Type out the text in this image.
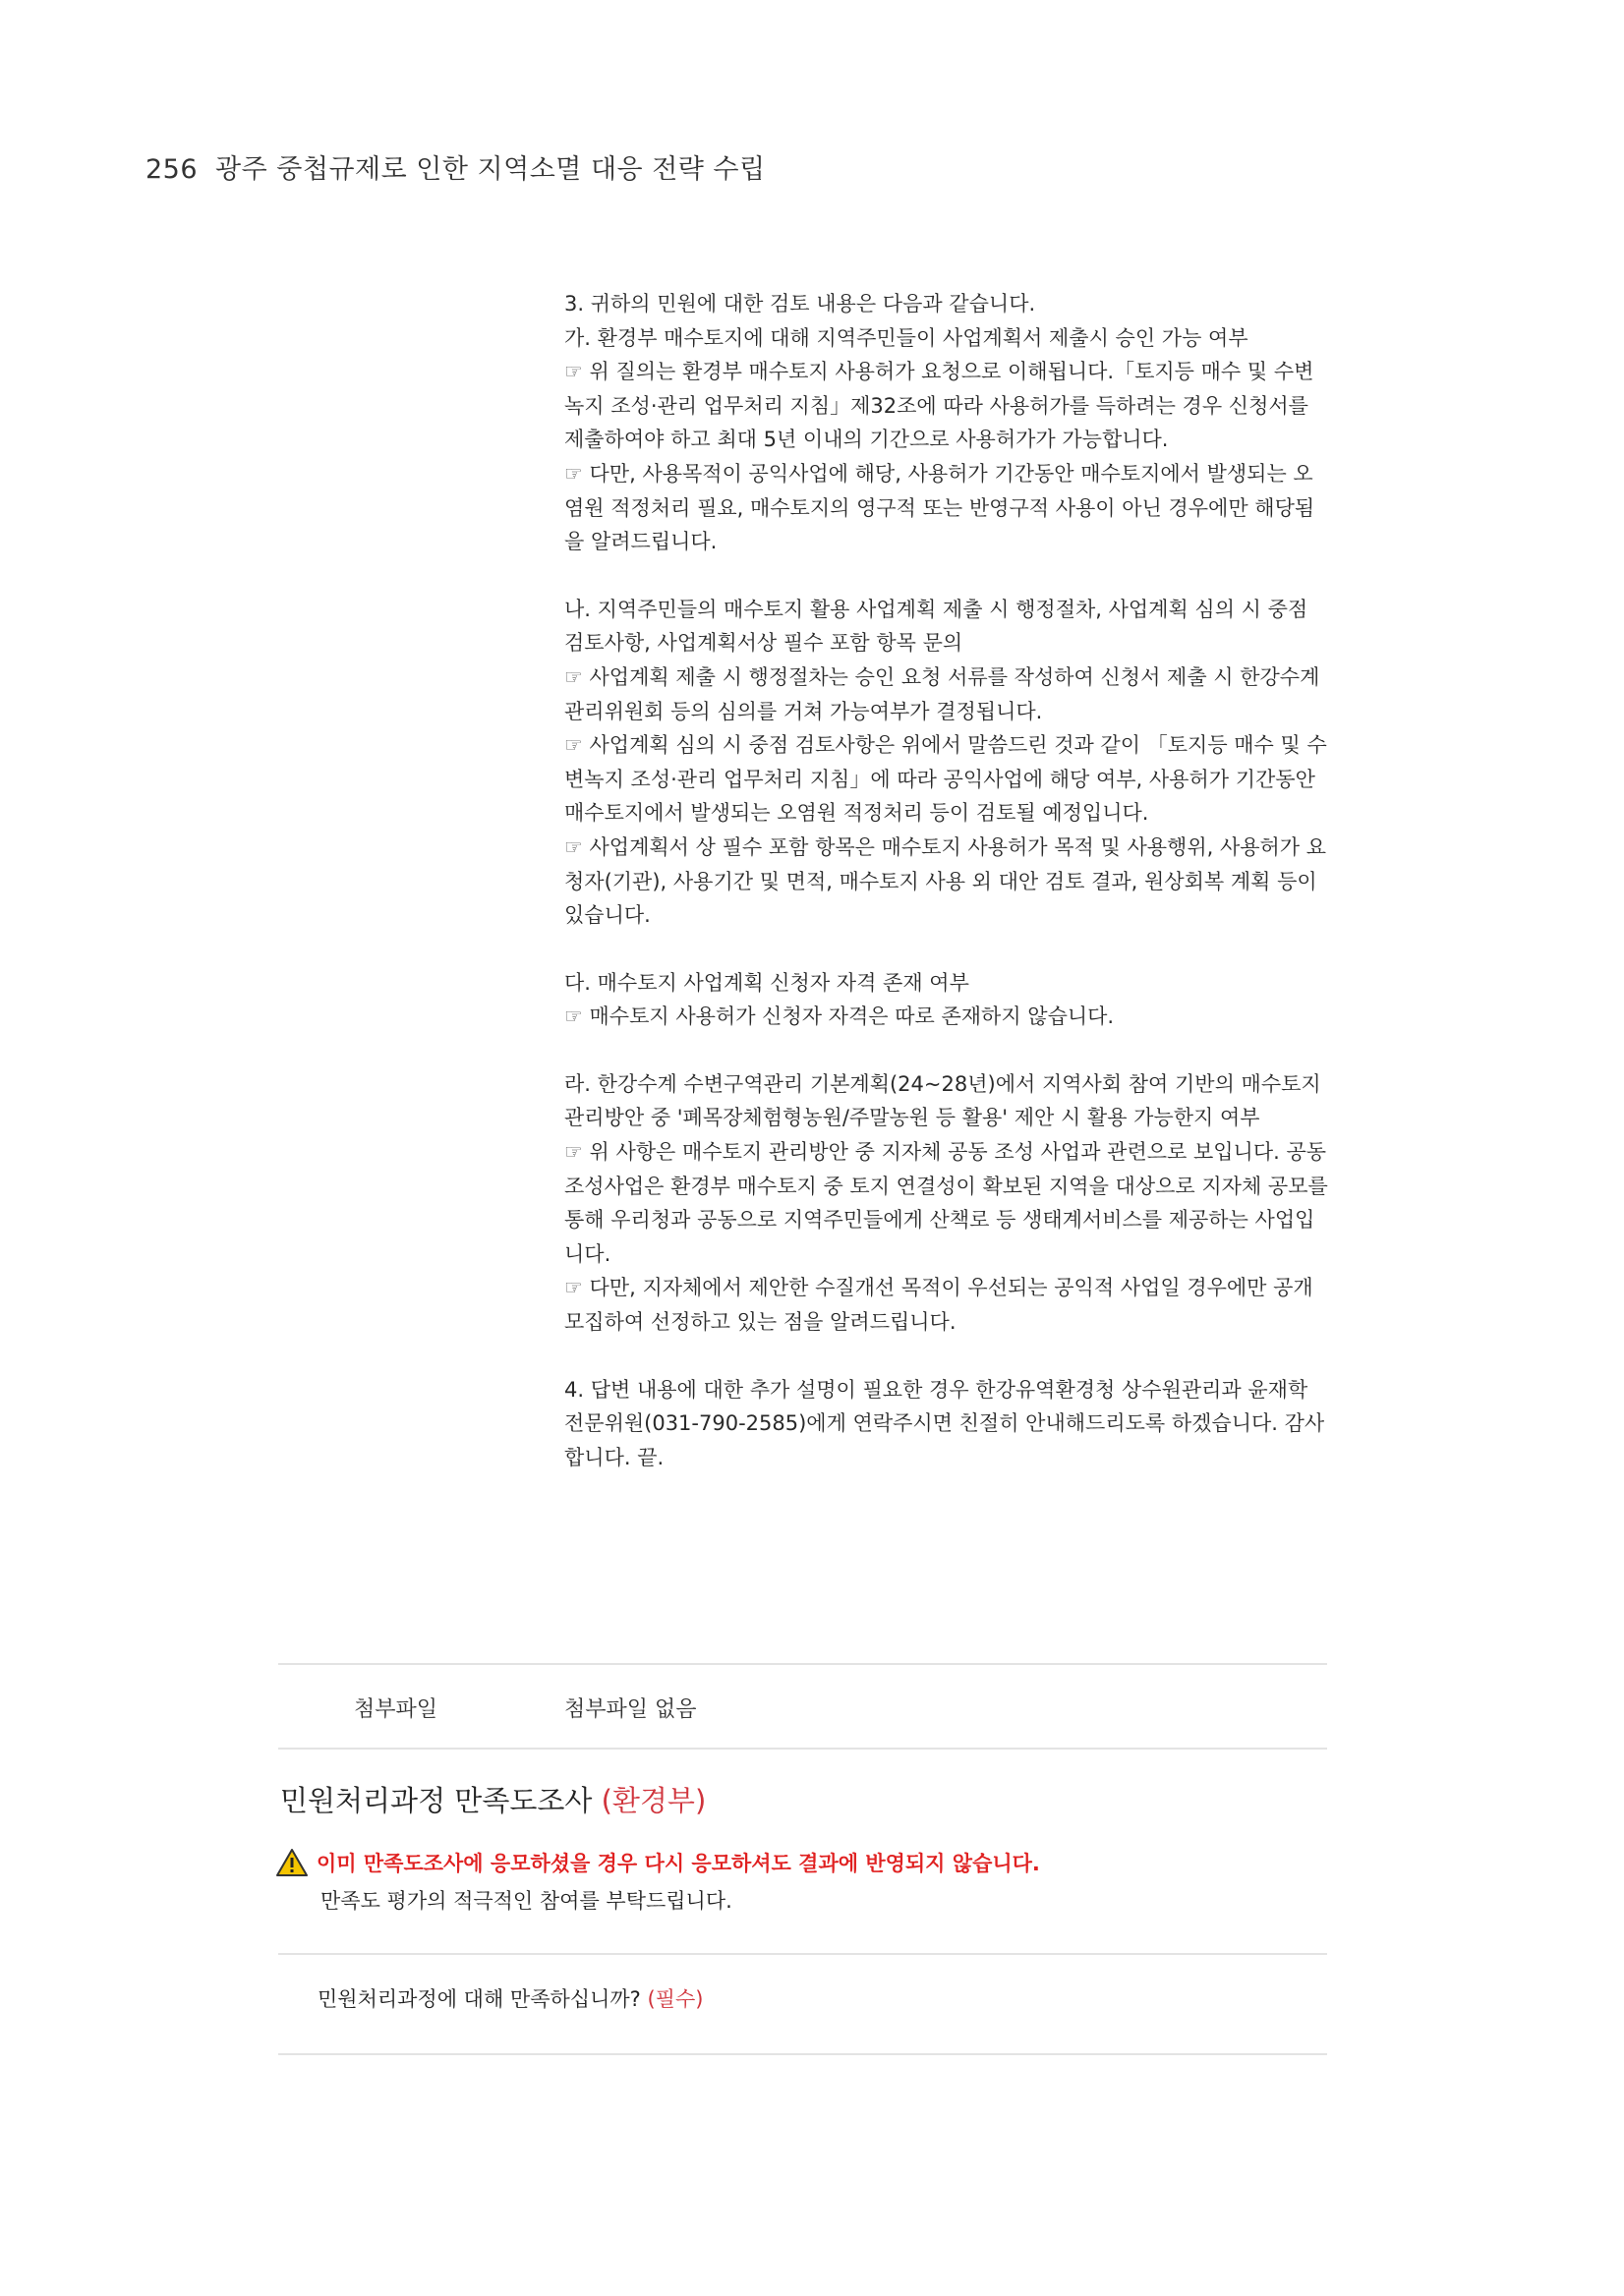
256 광주 중첩규제로 인한 지역소멸 대응 전략 수립

3. 귀하의 민원에 대한 검토 내용은 다음과 같습니다.

가. 환경부 매수토지에 대해 지역주민들이 사업계획서 제출시 승인 가능 여부

☞ 위 질의는 환경부 매수토지 사용허가 요청으로 이해됩니다.「토지등 매수 및 수변녹지 조성·관리 업무처리 지침」제32조에 따라 사용허가를 득하려는 경우 신청서를 제출하여야 하고 최대 5년 이내의 기간으로 사용허가가 가능합니다.

☞ 다만, 사용목적이 공익사업에 해당, 사용허가 기간동안 매수토지에서 발생되는 오염원 적정처리 필요, 매수토지의 영구적 또는 반영구적 사용이 아닌 경우에만 해당됨을 알려드립니다.

나. 지역주민들의 매수토지 활용 사업계획 제출 시 행정절차, 사업계획 심의 시 중점 검토사항, 사업계획서상 필수 포함 항목 문의

☞ 사업계획 제출 시 행정절차는 승인 요청 서류를 작성하여 신청서 제출 시 한강수계관리위원회 등의 심의를 거쳐 가능여부가 결정됩니다.

☞ 사업계획 심의 시 중점 검토사항은 위에서 말씀드린 것과 같이 「토지등 매수 및 수변녹지 조성·관리 업무처리 지침」에 따라 공익사업에 해당 여부, 사용허가 기간동안 매수토지에서 발생되는 오염원 적정처리 등이 검토될 예정입니다.

☞ 사업계획서 상 필수 포함 항목은 매수토지 사용허가 목적 및 사용행위, 사용허가 요청자(기관), 사용기간 및 면적, 매수토지 사용 외 대안 검토 결과, 원상회복 계획 등이 있습니다.

다. 매수토지 사업계획 신청자 자격 존재 여부

☞ 매수토지 사용허가 신청자 자격은 따로 존재하지 않습니다.

라. 한강수계 수변구역관리 기본계획(24~28년)에서 지역사회 참여 기반의 매수토지 관리방안 중 '폐목장체험형농원/주말농원 등 활용' 제안 시 활용 가능한지 여부

☞ 위 사항은 매수토지 관리방안 중 지자체 공동 조성 사업과 관련으로 보입니다. 공동조성사업은 환경부 매수토지 중 토지 연결성이 확보된 지역을 대상으로 지자체 공모를 통해 우리청과 공동으로 지역주민들에게 산책로 등 생태계서비스를 제공하는 사업입니다.

☞ 다만, 지자체에서 제안한 수질개선 목적이 우선되는 공익적 사업일 경우에만 공개모집하여 선정하고 있는 점을 알려드립니다.

4. 답변 내용에 대한 추가 설명이 필요한 경우 한강유역환경청 상수원관리과 윤재학 전문위원(031-790-2585)에게 연락주시면 친절히 안내해드리도록 하겠습니다. 감사합니다. 끝.

첨부파일	첨부파일 없음
민원처리과정 만족도조사 (환경부)
이미 만족도조사에 응모하셨을 경우 다시 응모하셔도 결과에 반영되지 않습니다.
만족도 평가의 적극적인 참여를 부탁드립니다.
민원처리과정에 대해 만족하십니까? (필수)
